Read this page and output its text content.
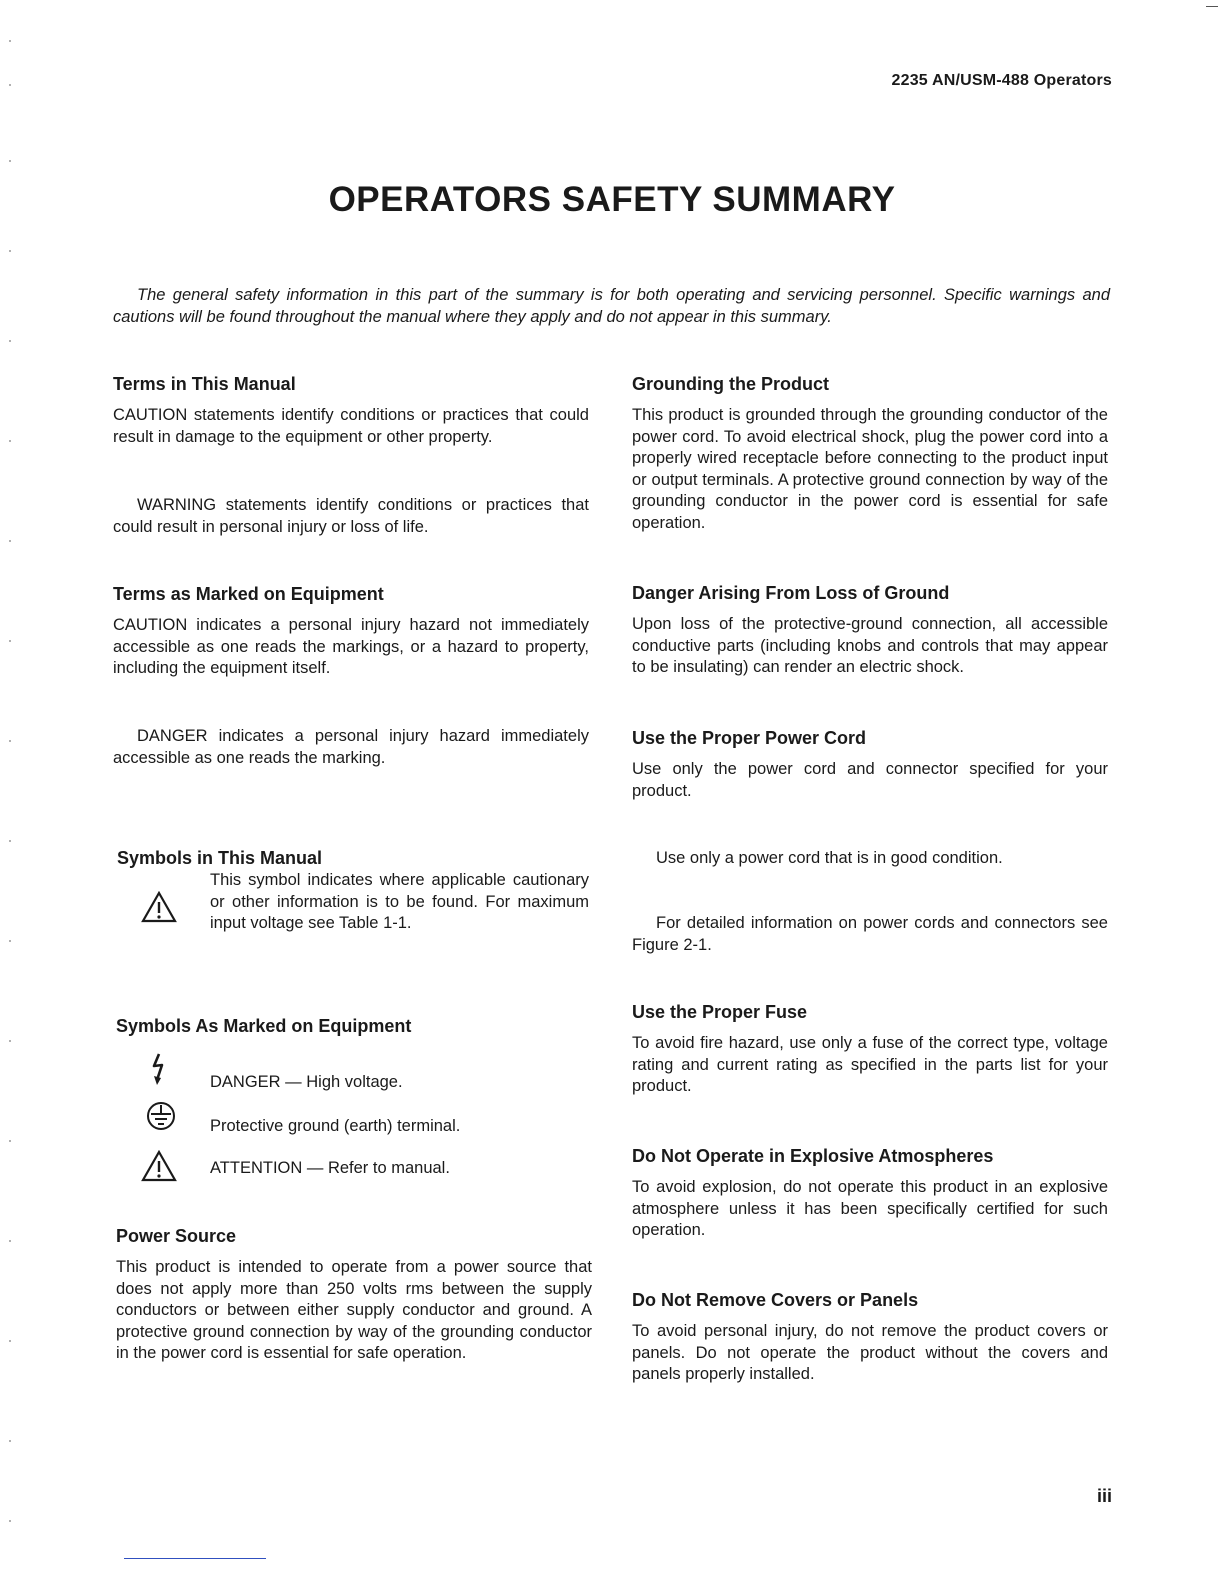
2235 AN/USM-488 Operators
OPERATORS SAFETY SUMMARY

The general safety information in this part of the summary is for both operating and servicing personnel. Specific warnings and cautions will be found throughout the manual where they apply and do not appear in this summary.

Terms in This Manual

CAUTION statements identify conditions or practices that could result in damage to the equipment or other property.

WARNING statements identify conditions or practices that could result in personal injury or loss of life.

Terms as Marked on Equipment

CAUTION indicates a personal injury hazard not immediately accessible as one reads the markings, or a hazard to property, including the equipment itself.

DANGER indicates a personal injury hazard immediately accessible as one reads the marking.

Symbols in This Manual

This symbol indicates where applicable cautionary or other information is to be found. For maximum input voltage see Table 1-1.

Symbols As Marked on Equipment

DANGER — High voltage.

Protective ground (earth) terminal.

ATTENTION — Refer to manual.

Power Source

This product is intended to operate from a power source that does not apply more than 250 volts rms between the supply conductors or between either supply conductor and ground. A protective ground connection by way of the grounding conductor in the power cord is essential for safe operation.

Grounding the Product

This product is grounded through the grounding conductor of the power cord. To avoid electrical shock, plug the power cord into a properly wired receptacle before connecting to the product input or output terminals. A protective ground connection by way of the grounding conductor in the power cord is essential for safe operation.

Danger Arising From Loss of Ground

Upon loss of the protective-ground connection, all accessible conductive parts (including knobs and controls that may appear to be insulating) can render an electric shock.

Use the Proper Power Cord

Use only the power cord and connector specified for your product.

Use only a power cord that is in good condition.

For detailed information on power cords and connectors see Figure 2-1.

Use the Proper Fuse

To avoid fire hazard, use only a fuse of the correct type, voltage rating and current rating as specified in the parts list for your product.

Do Not Operate in Explosive Atmospheres

To avoid explosion, do not operate this product in an explosive atmosphere unless it has been specifically certified for such operation.

Do Not Remove Covers or Panels

To avoid personal injury, do not remove the product covers or panels. Do not operate the product without the covers and panels properly installed.

iii
